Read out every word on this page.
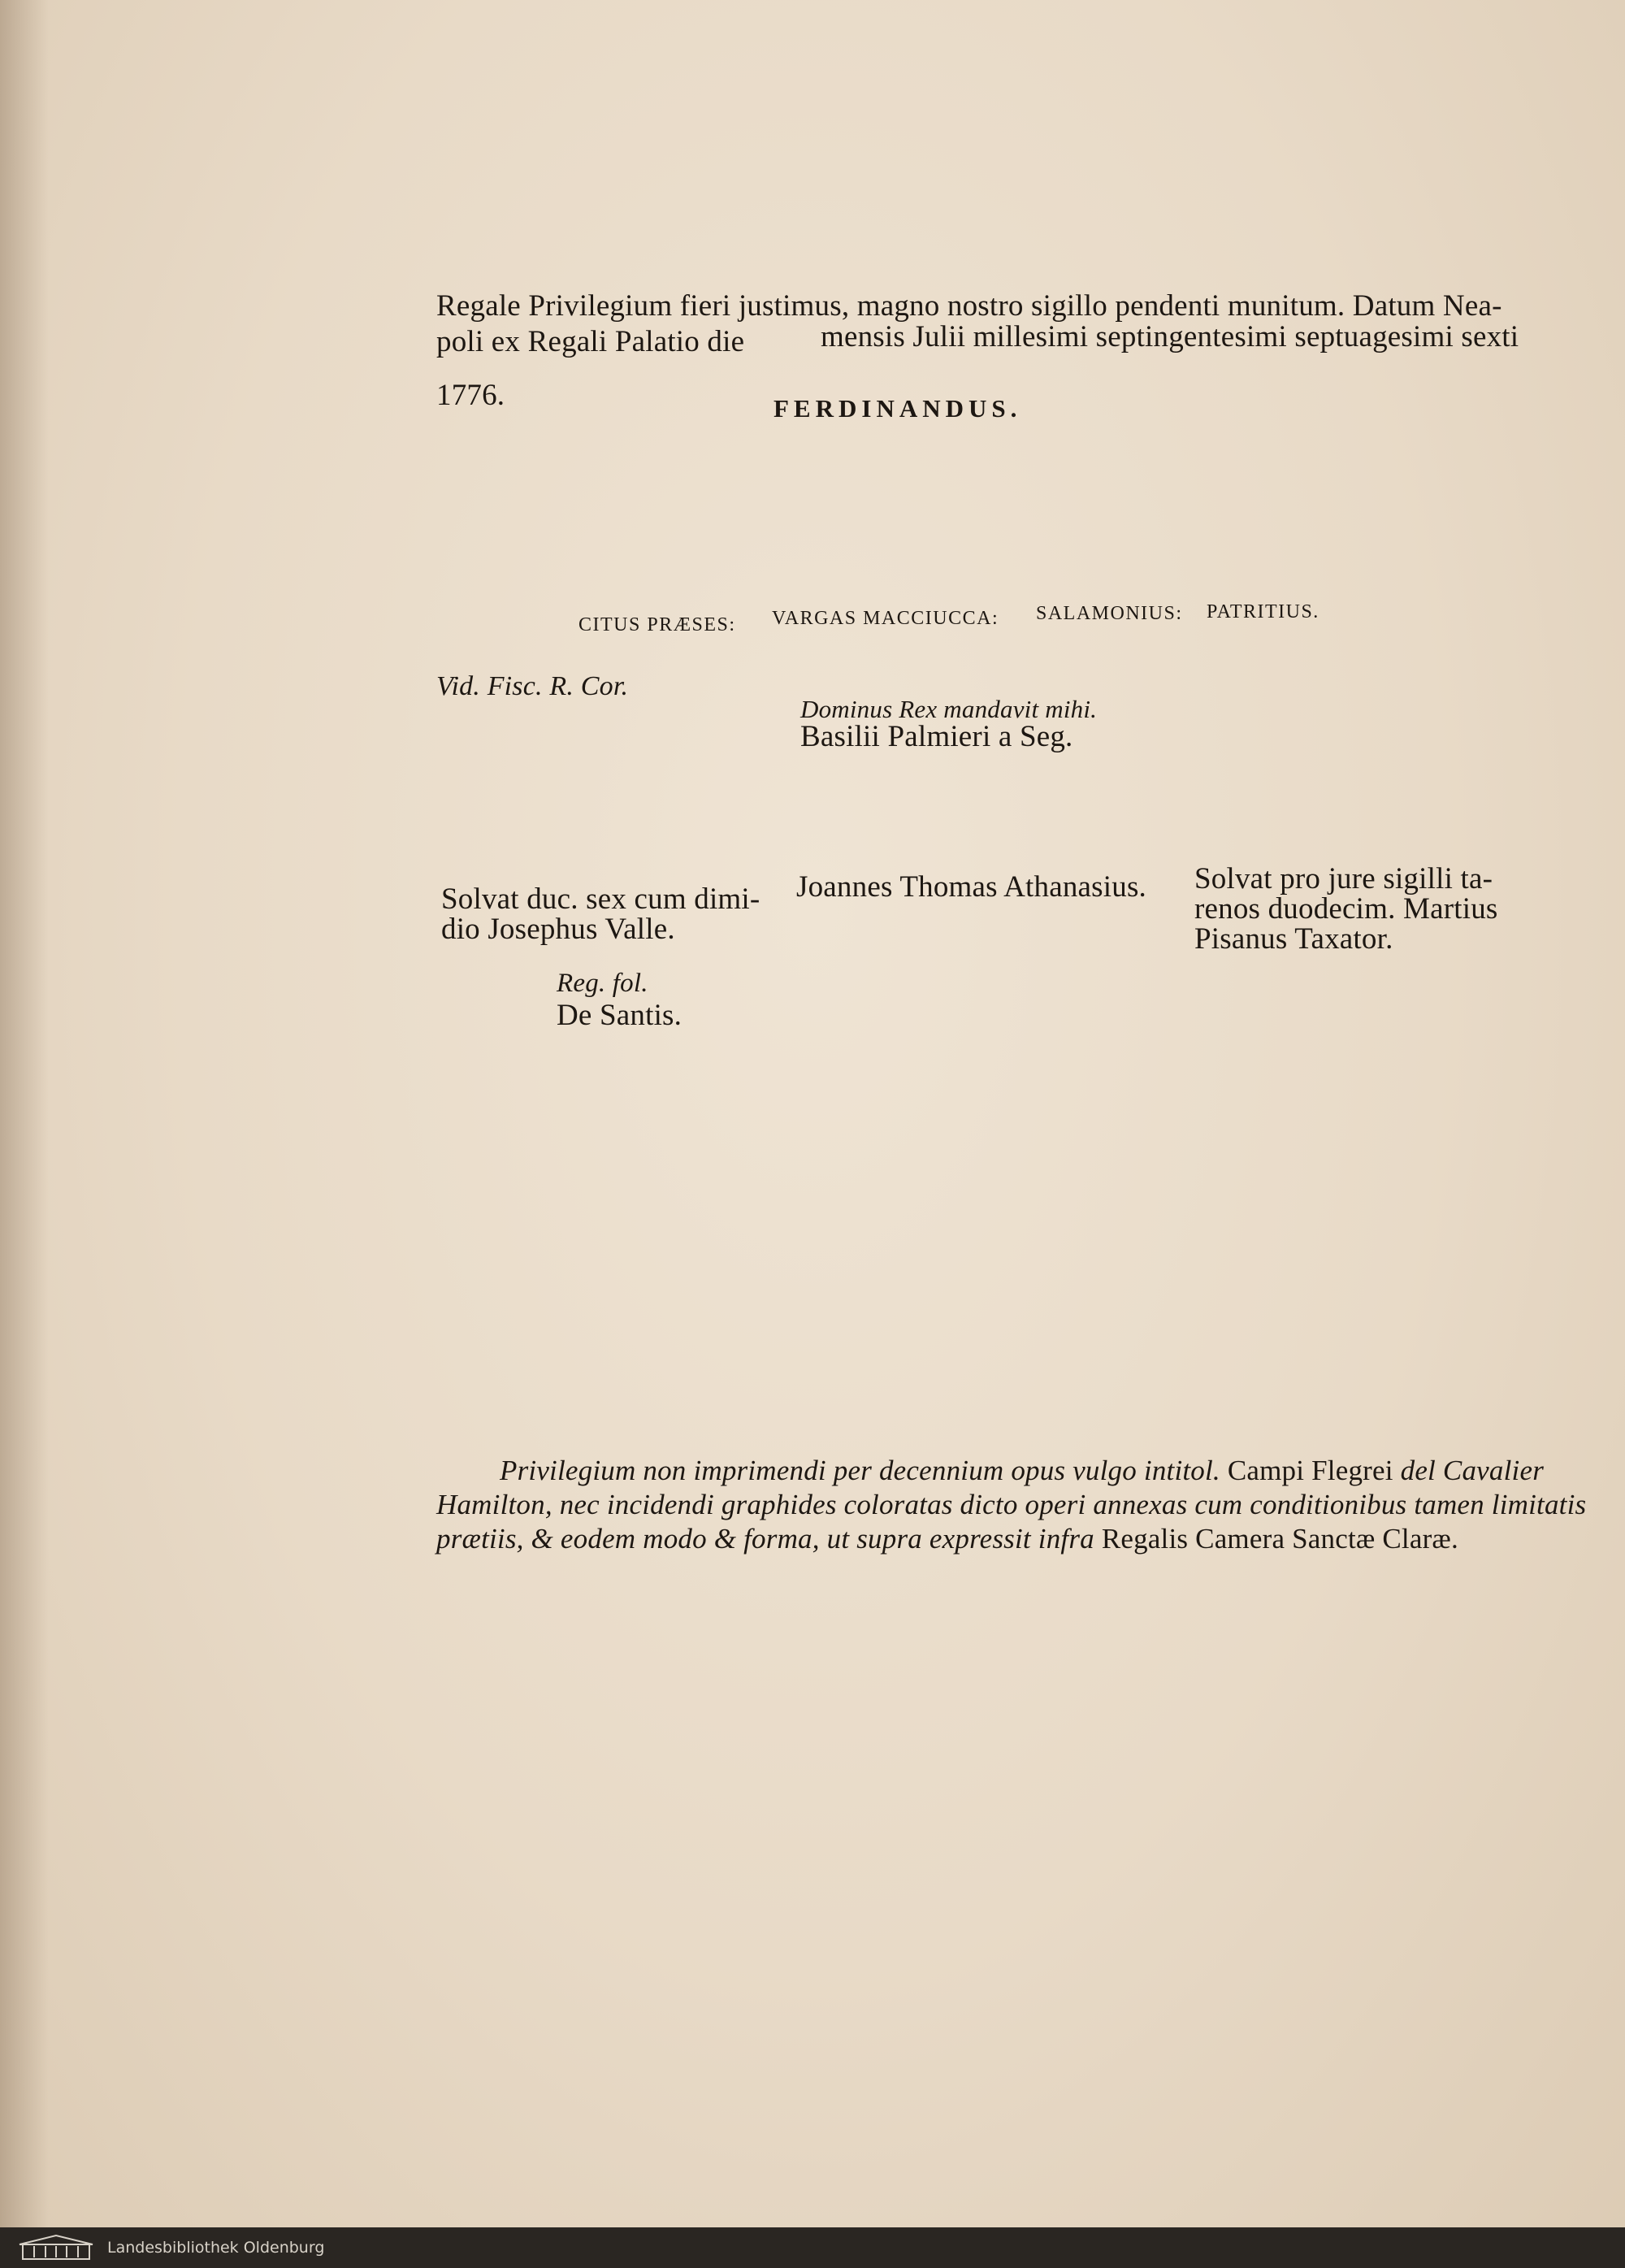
Regale Privilegium fieri justimus, magno nostro sigillo pendenti munitum. Datum Nea-
poli ex Regali Palatio die	mensis Julii millesimi septingentesimi septuagesimi sexti
1776.	FERDINANDUS.
CITUS PRÆSES: VARGAS MACCIUCCA: SALAMONIUS: PATRITIUS.
Vid. Fisc. R. Cor.
Dominus Rex mandavit mihi.
Basilii Palmieri a Seg.
Solvat duc. sex cum dimi-
dio Josephus Valle.
Joannes Thomas Athanasius. Solvat pro jure sigilli ta-
renos duodecim. Martius
Pisanus Taxator.
Reg. fol.
De Santis.
Privilegium non imprimendi per decennium opus vulgo intitol. Campi Flegrei del Cavalier
Hamilton, nec incidendi graphides coloratas dicto operi annexas cum conditionibus tamen limitatis
prætiis, & eodem modo & forma, ut supra expressit infra Regalis Camera Sanctæ Claræ.
Landesbibliothek Oldenburg
